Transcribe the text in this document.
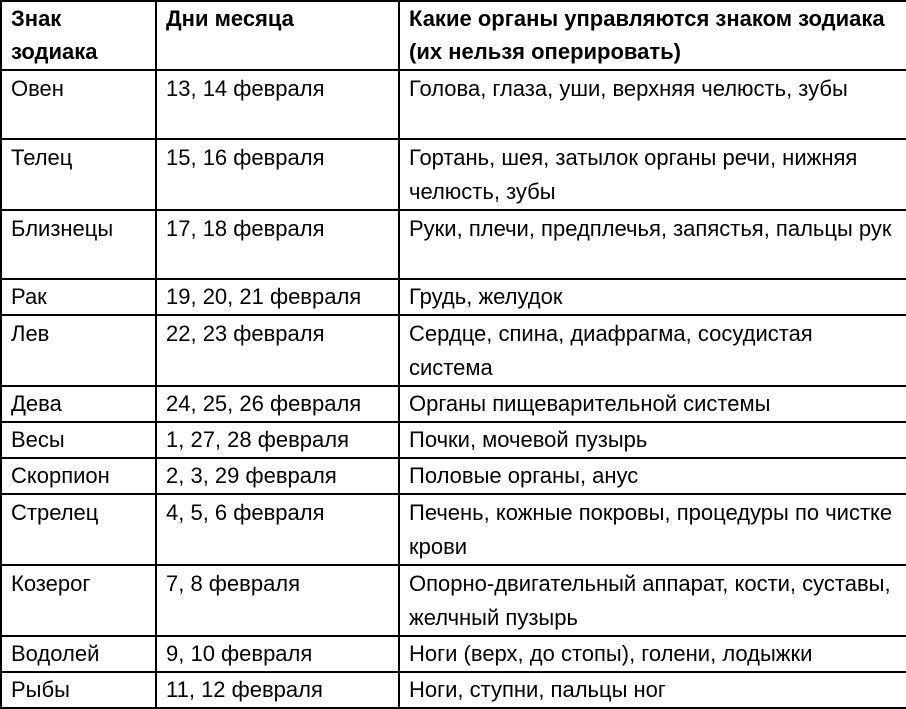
Знак зодиака	Дни месяца	Какие органы управляются знаком зодиака (их нельзя оперировать)
Овен	13, 14 февраля	Голова, глаза, уши, верхняя челюсть, зубы
Телец	15, 16 февраля	Гортань, шея, затылок органы речи, нижняя челюсть, зубы
Близнецы	17, 18 февраля	Руки, плечи, предплечья, запястья, пальцы рук
Рак	19, 20, 21 февраля	Грудь, желудок
Лев	22, 23 февраля	Сердце, спина, диафрагма, сосудистая система
Дева	24, 25, 26 февраля	Органы пищеварительной системы
Весы	1, 27, 28 февраля	Почки, мочевой пузырь
Скорпион	2, 3, 29 февраля	Половые органы, анус
Стрелец	4, 5, 6 февраля	Печень, кожные покровы, процедуры по чистке крови
Козерог	7, 8 февраля	Опорно-двигательный аппарат, кости, суставы, желчный пузырь
Водолей	9, 10 февраля	Ноги (верх, до стопы), голени, лодыжки
Рыбы	11, 12 февраля	Ноги, ступни, пальцы ног
